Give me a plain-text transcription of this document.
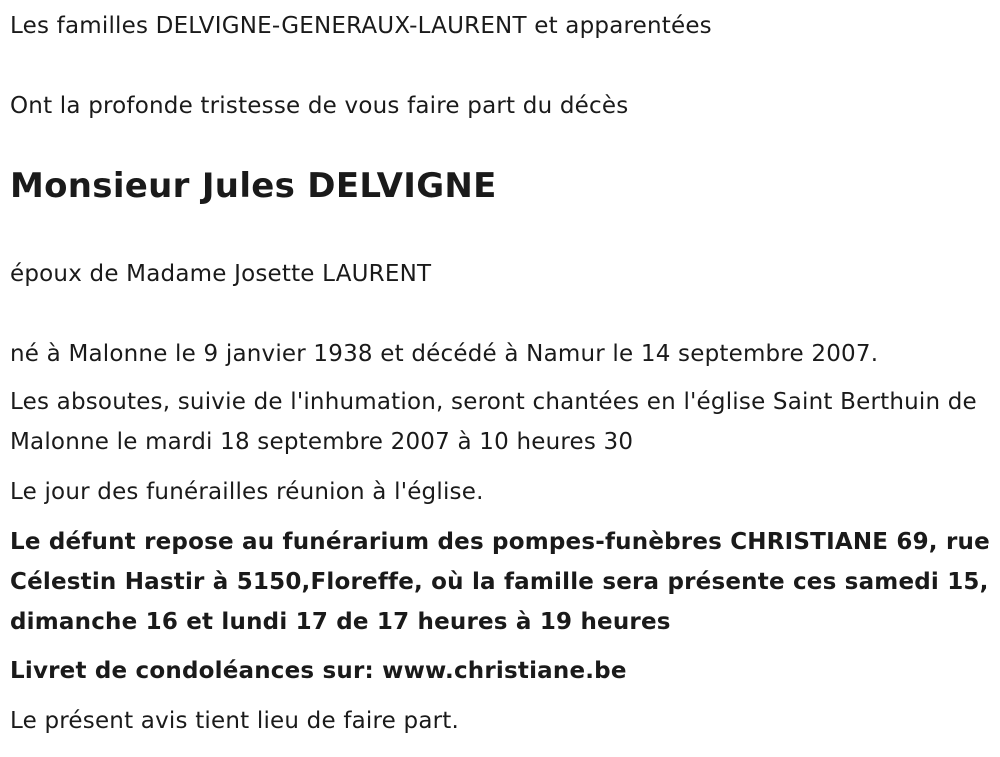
Les familles DELVIGNE-GENERAUX-LAURENT et apparentées
Ont la profonde tristesse de vous faire part du décès
Monsieur Jules DELVIGNE
époux de Madame Josette LAURENT
né à Malonne le 9 janvier 1938 et décédé à Namur le 14 septembre 2007.
Les absoutes, suivie de l'inhumation, seront chantées en l'église Saint Berthuin de Malonne le mardi 18 septembre 2007 à 10 heures 30
Le jour des funérailles réunion à l'église.
Le défunt repose au funérarium des pompes-funèbres CHRISTIANE 69, rue Célestin Hastir à 5150,Floreffe, où la famille sera présente ces samedi 15, dimanche 16 et lundi 17 de 17 heures à 19 heures
Livret de condoléances sur: www.christiane.be
Le présent avis tient lieu de faire part.
